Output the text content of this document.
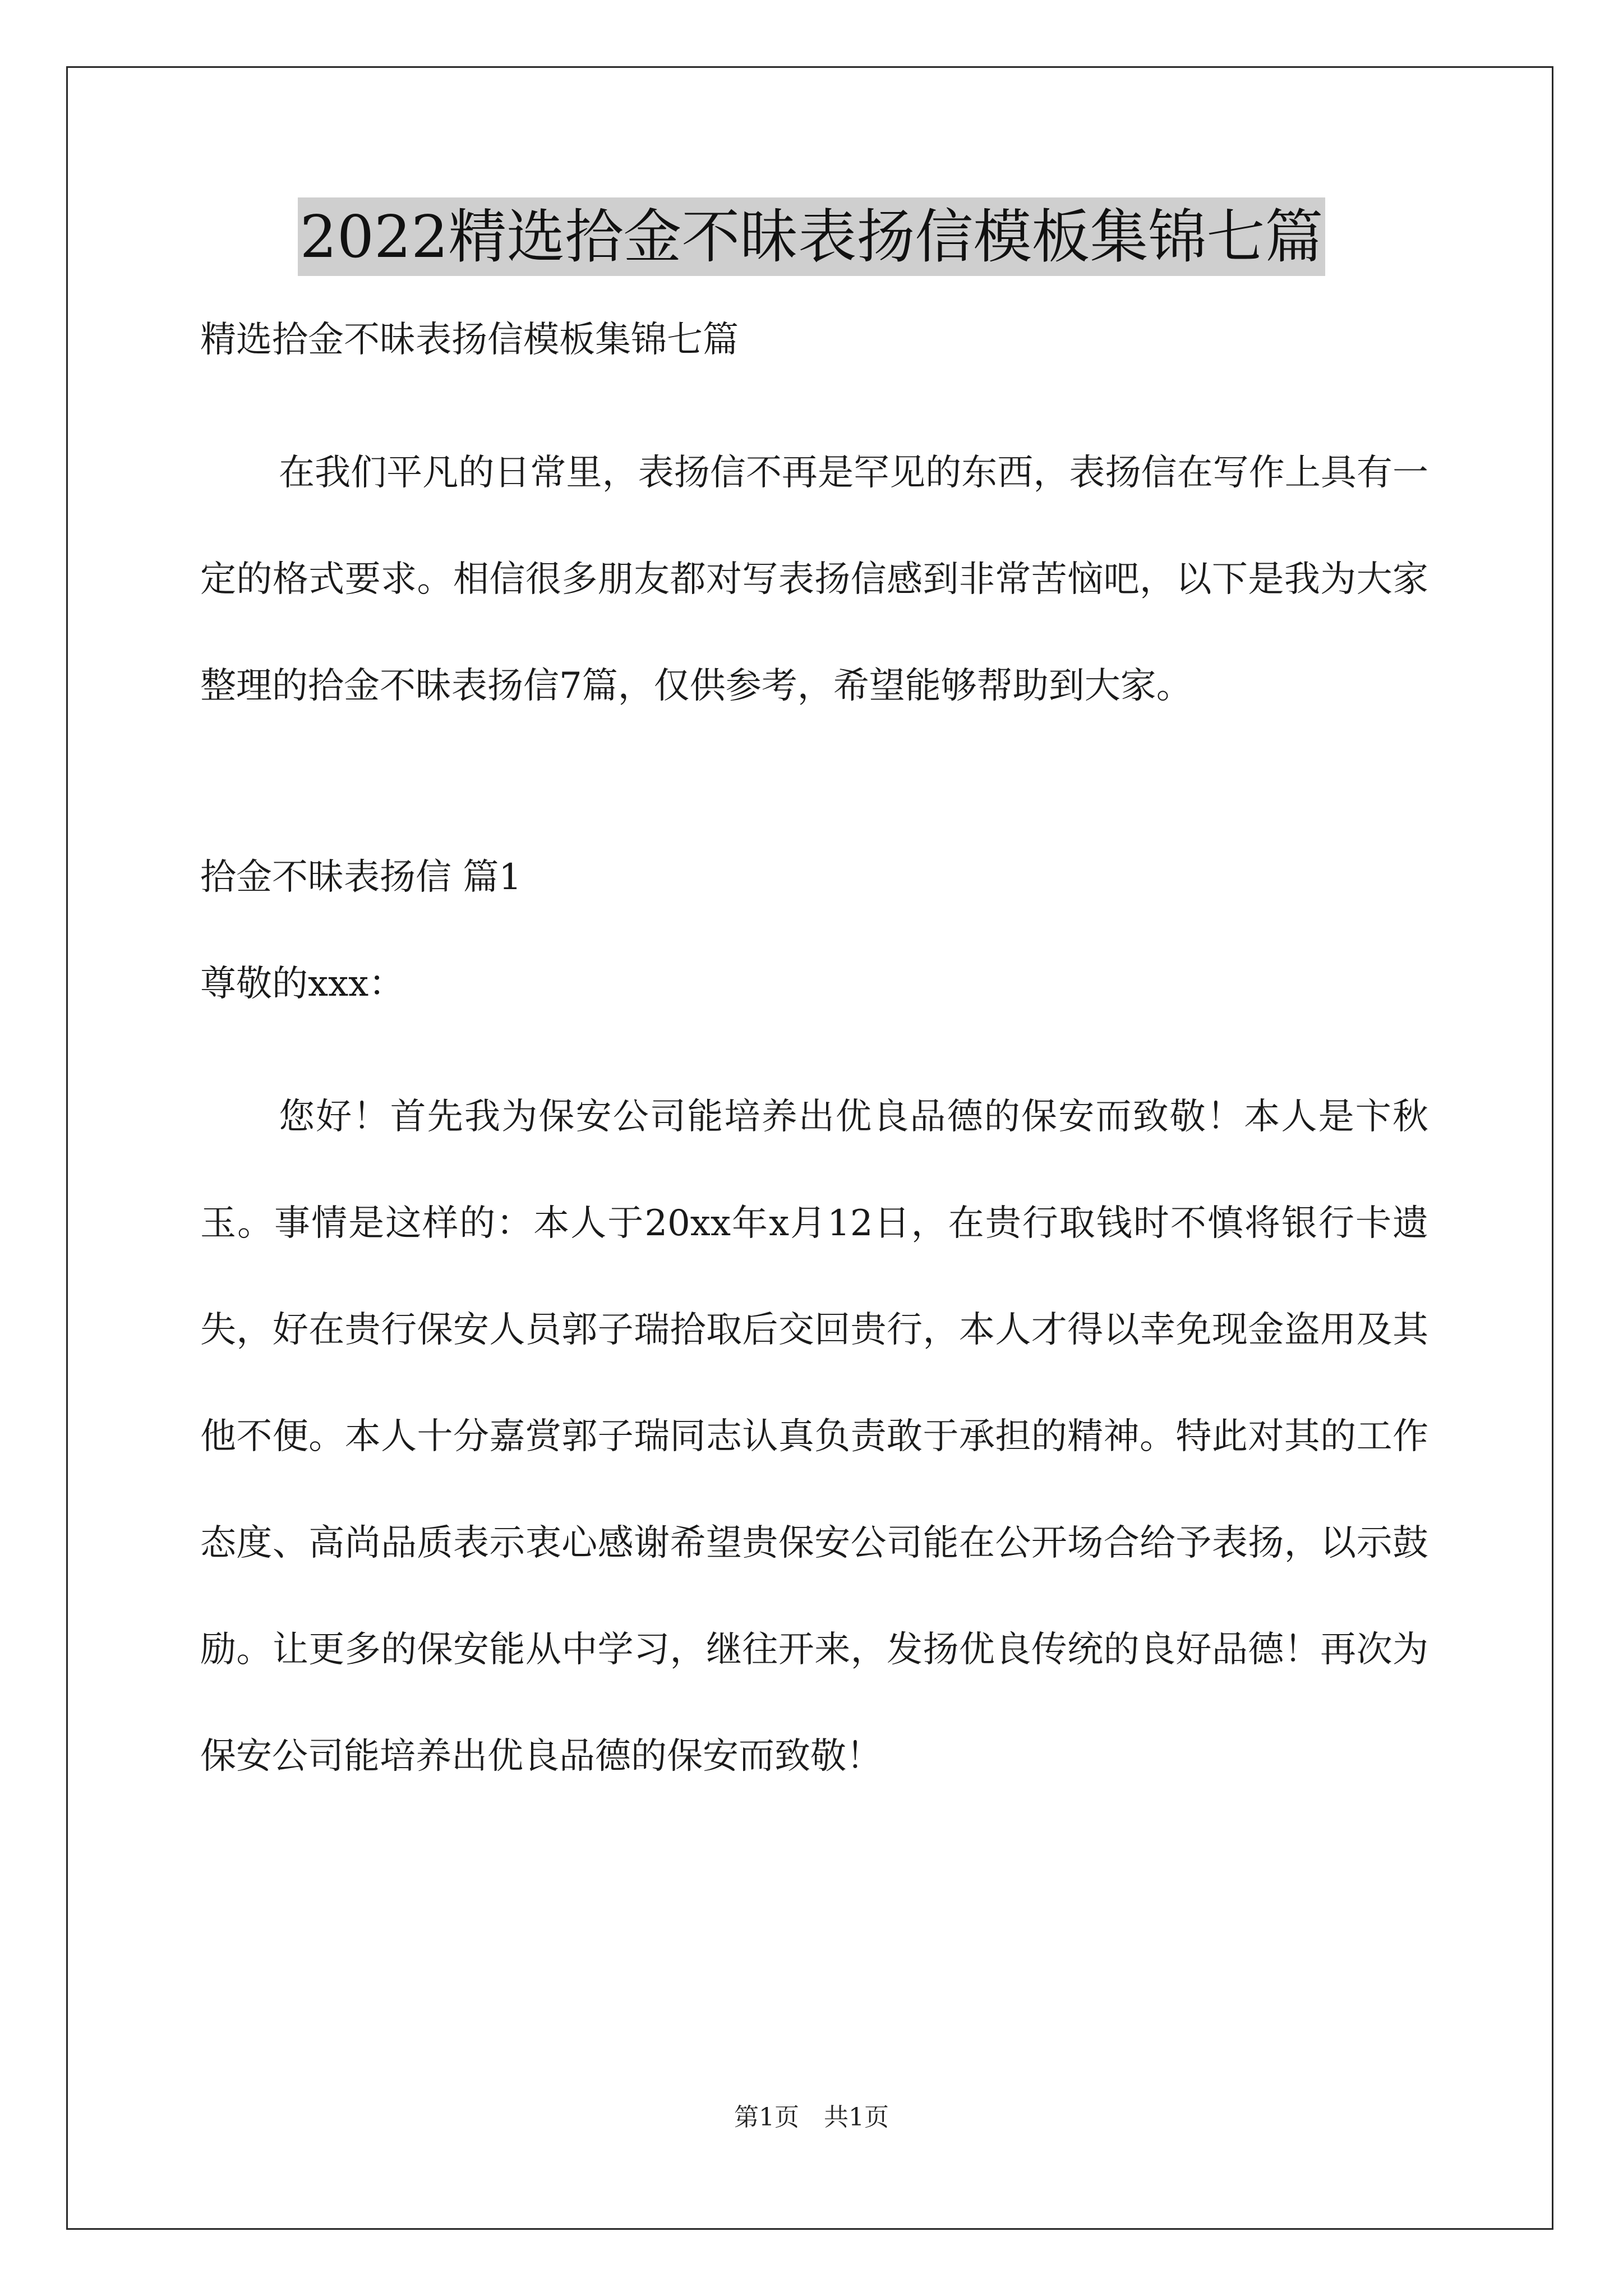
2022精选拾金不昧表扬信模板集锦七篇

精选拾金不昧表扬信模板集锦七篇

在我们平凡的日常里，表扬信不再是罕见的东西，表扬信在写作上具有一定的格式要求。相信很多朋友都对写表扬信感到非常苦恼吧，以下是我为大家整理的拾金不昧表扬信7篇，仅供参考，希望能够帮助到大家。

拾金不昧表扬信 篇1

尊敬的xxx：

您好！首先我为保安公司能培养出优良品德的保安而致敬！本人是卞秋玉。事情是这样的：本人于20xx年x月12日，在贵行取钱时不慎将银行卡遗失，好在贵行保安人员郭子瑞拾取后交回贵行，本人才得以幸免现金盗用及其他不便。本人十分嘉赏郭子瑞同志认真负责敢于承担的精神。特此对其的工作态度、高尚品质表示衷心感谢希望贵保安公司能在公开场合给予表扬，以示鼓励。让更多的保安能从中学习，继往开来，发扬优良传统的良好品德！再次为保安公司能培养出优良品德的保安而致敬！

第1页　共1页
